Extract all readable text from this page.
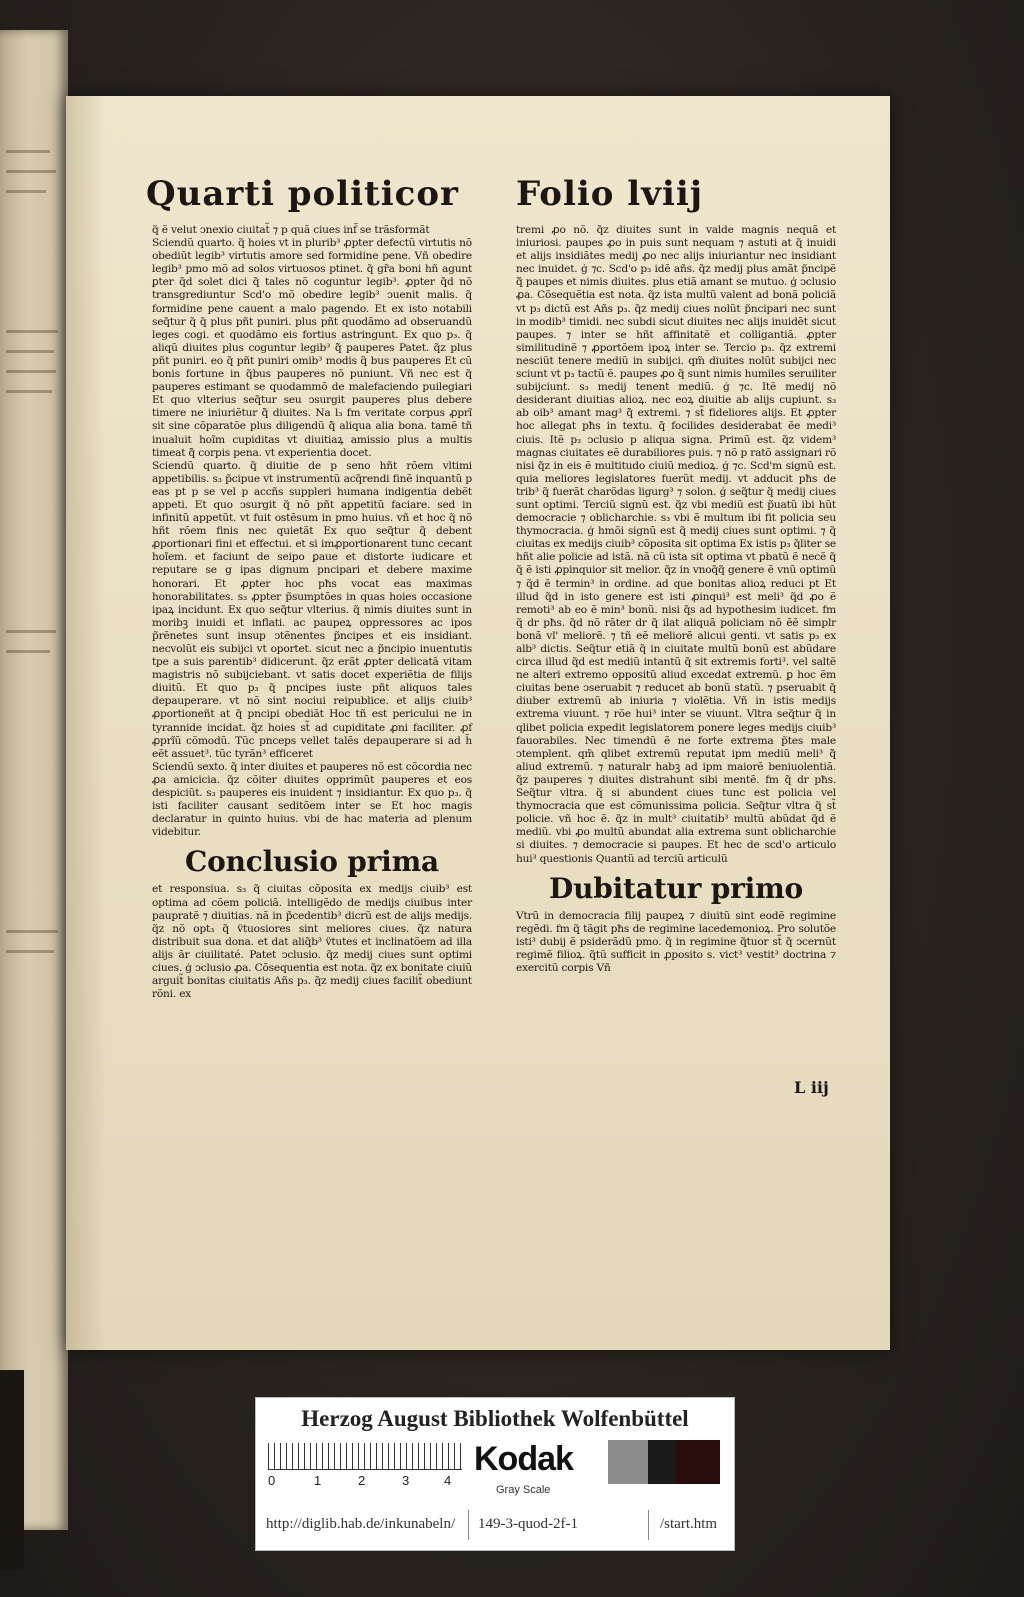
Quarti politicor Folio lviij

q̃ ẽ velut ↄnexio ciuitat̃ ⁊ p quã ciues inf̃ se trãsformãt

Sciendũ quarto. q̃ hoies vt in plurib³ ꝓpter defectũ virtutis nõ obediũt legib³ virtutis amore sed formidine pene. Vñ obedire legib³ pmo mõ ad solos virtuosos ptinet. q̃ gr̃a boni hñ agunt ꝑter q̃d solet dici q̃ tales nõ coguntur legib³. ꝓpter q̃d nõ transgrediuntur Scd'o mõ obedire legib³ ↄuenit malis. q̃ formidine pene cauent a malo pagendo. Et ex isto notabili seq̃tur q̃ q̃ plus pñt puniri. plus pñt quodãmo ad obseruandũ leges cogi. et quodãmo eis fortius astringunt. Ex quo p₃. q̃ aliqũ diuites plus coguntur legib³ q̃̃ pauperes Patet. q̃z plus pñt puniri. eo q̃ pñt puniri omib³ modis q̃ bus pauperes Et cũ bonis fortune in q̃bus pauperes nõ puniunt. Vñ nec est q̃ pauperes estimant se quodammõ de malefaciendo puilegiari Et quo vlterius seq̃tur seu ↄsurgit pauperes plus debere timere ne iniuriẽtur q̃̃ diuites. Na l₃ fm veritate corpus ꝓprĩ sit sine cõparatõe plus diligendũ q̃̃ aliqua alia bona. tamẽ tñ inualuit hoĩm cupiditas vt diuitiaꝝ amissio plus a multis timeat q̃̃ corpis pena. vt experientia docet.

Sciendũ quarto. q̃ diuitie de p seno hñt rõem vltimi appetibilis. s₃ p̃cipue vt instrumentũ acq̃rendi finẽ inquantũ p eas pt p se vel p accñs suppleri humana indigentia debẽt appeti. Et quo ↄsurgit q̃ nõ pñt appetitũ faciare. sed in infinitũ appetũt. vt fuit ostẽsum in pmo huius. vñ et hoc q̃ nõ hñt rõem finis nec quietãt Ex quo seq̃tur q̃ debent ꝓportionari fini et effectui. et si imꝓportionarent tunc cecant hoĩem. et faciunt de seipo ꝑaue et distorte iudicare et reputare se g ipas dignum pncipari et debere maxime honorari. Et ꝓpter hoc pħs vocat eas maximas honorabilitates. s₃ ꝓpter p̃sumptões in quas hoies occasione ipaꝝ incidunt. Ex quo seq̃tur vlterius. q̃ nimis diuites sunt in moribꝫ inuidi et inflati. ac paupeꝝ oppressores ac ipos p̃rẽnetes sunt insup ↄtẽnentes p̃ncipes et eis insidiant. necvolũt eis subijci vt oportet. sicut nec a p̃ncipio inuentutis tpe a suis parentib³ didicerunt. q̃z erãt ꝓpter delicatã vitam magistris nõ subijciebant. vt satis docet experiẽtia de filijs diuitũ. Et quo p₃ q̃ pncipes iuste pñt aliquos tales depauperare. vt nõ sint nociui reipublice. et alijs ciuib³ ꝓportioneñt at q̃ pncipi obediãt Hoc tñ est pericului ne in tyrannide incidat. q̃z hoies st̃ ad cupiditate ꝓni faciliter. ꝓf ꝓprĩũ cõmodũ. Tũc pnceps vellet talẽs depauperare si ad h̃ eẽt assuet³. tũc tyrãn³ efficeret

Sciendũ sexto. q̃ inter diuites et pauperes nõ est cõcordia nec ꝓa amicicia. q̃z cõiter diuites opprimũt pauperes et eos despiciũt. s₃ pauperes eis inuident ⁊ insidiantur. Ex quo p₃. q̃ isti faciliter causant seditõem inter se Et hoc magis declaratur in quinto huius. vbi de hac materia ad plenum videbitur.

Conclusio prima

et responsiua. s₃ q̃ ciuitas cõposita ex medijs ciuib³ est optima ad cõem policiã. intelligẽdo de medijs ciuibus inter paupratẽ ⁊ diuitias. nã in p̃cedentib³ dicrũ est de alijs medijs. q̃z nõ opt₃ q̃ v̈tuosiores sint meliores ciues. q̃z natura distribuit sua dona. et dat aliq̃b³ v̈tutes et inclinatõem ad illa alijs ãr ciuilitaté. Patet ↄclusio. q̃z medij ciues sunt optimi ciues. ģ ↄclusio ꝓa. Cõsequentia est nota. q̃z ex bonitate ciuiũ arguit̃ bonitas ciuitatis Añs p₃. q̃z medij ciues facilit̃ obediunt rõni. ex

tremi ꝓo nõ. q̃z diuites sunt in valde magnis nequã et iniuriosi. paupes ꝓo in puis sunt nequam ⁊ astuti at q̃ inuidi et alijs insidiãtes medij ꝓo nec alijs iniuriantur nec insidiant nec inuidet. ģ ⁊c. Scd'o p₃ idẽ añs. q̃z medij plus amãt p̃ncipẽ q̃̃ paupes et nimis diuites. plus etiã amant se mutuo. ģ ↄclusio ꝓa. Cõsequẽtia est nota. q̃z ista multũ valent ad bonã policiã vt p₃ dictũ est Añs p₃. q̃z medij ciues nolũt p̃ncipari nec sunt in modib³ timidi. nec subdi sicut diuites nec alijs inuidẽt sicut paupes. ⁊ inter se hñt affinitatẽ et colligantiã. ꝓpter similitudinẽ ⁊ ꝓportõem ipoꝝ inter se. Tercio p₃. q̃z extremi nesciũt tenere mediũ in subijci. qm̃ diuites nolũt subijci nec sciunt vt p₃ tactũ ẽ. paupes ꝓo q̃ sunt nimis humiles seruiliter subijciunt. s₃ medij tenent mediũ. ģ ⁊c. Itẽ medij nõ desiderant diuitias alioꝝ. nec eoꝝ diuitie ab alijs cupiunt. s₃ ab oib³ amant mag³ q̃̃ extremi. ⁊ st̃ fideliores alijs. Et ꝓpter hoc allegat pħs in textu. q̃ focilides desiderabat ẽe medi³ ciuis. Itẽ p₃ ↄclusio p aliqua signa. Primũ est. q̃z videm³ magnas ciuitates eẽ durabiliores puis. ⁊ nõ p ratõ assignari rõ nisi q̃z in eis ẽ multitudo ciuiũ medioꝝ. ģ ⁊c. Scd'm signũ est. quia meliores legislatores fuerũt medij. vt adducit pħs de trib³ q̃ fuerãt charõdas ligurg³ ⁊ solon. ģ seq̃tur q̃ medij ciues sunt optimi. Terciũ signũ est. q̃z vbi mediũ est p̃uatũ ibi hũt democracie ⁊ oblicharchie. s₃ vbi ẽ multum ibi fit policia seu thymocracia. ģ hmõi signũ est q̃ medij ciues sunt optimi. ⁊ q̃ ciuitas ex medijs ciuib³ cõposita sit optima Ex istis p₃ q̃liter se hñt alie policie ad istã. nã cũ ista sit optima vt pbatũ ẽ necẽ q̃ q̃ ẽ isti ꝓpinquior sit melior. q̃z in vnoq̃q̃ genere ẽ vnũ optimũ ⁊ q̃d ẽ termin³ in ordine. ad que bonitas alioꝝ reduci pt Et illud q̃d in isto genere est isti ꝓinqui³ est meli³ q̃d ꝓo ẽ remoti³ ab eo ẽ min³ bonũ. nisi q̃s ad hypothesim iudicet. fm q̃ dr pħs. q̃d nõ rãter dr q̃ ilat aliquã policiam nõ ẽẽ simplr bonã vl' meliorẽ. ⁊ tñ eẽ meliorẽ alicui genti. vt satis p₃ ex alb³ dictis. Seq̃tur etiã q̃ in ciuitate multũ bonũ est abũdare circa illud q̃d est mediũ intantũ q̃ sit extremis forti³. vel saltẽ ne alteri extremo oppositũ aliud excedat extremũ. ꝑ hoc ẽm ciuitas bene ↄseruabit ⁊ reducet ab bonũ statũ. ⁊ pseruabit q̃ diuber extremũ ab iniuria ⁊ violẽtia. Vñ in istis medijs extrema viuunt. ⁊ rõe hui³ inter se viuunt. Vltra seq̃tur q̃ in qlibet policia expedit legislatorem ponere leges medijs ciuib³ fauorabiles. Nec timendũ ẽ ne forte extrema p̃tes male ↄtemplent. qm̃ qlibet extremũ reputat ipm mediũ meli³ q̃̃ aliud extremũ. ⁊ naturalr habꝫ ad ipm maiorẽ beniuolentiã. q̃z pauperes ⁊ diuites distrahunt sibi mentẽ. fm q̃ dr pħs. Seq̃tur vltra. q̃ si abundent ciues tunc est policia vel thymocracia que est cõmunissima policia. Seq̃tur vltra q̃ st̃ policie. vñ hoc ẽ. q̃z in mult³ ciuitatib³ multũ abũdat q̃d ẽ mediũ. vbi ꝓo multũ abundat alia extrema sunt oblicharchie si diuites. ⁊ democracie si paupes. Et hec de scd'o articulo hui³ questionis Quantũ ad terciũ articulũ

Dubitatur primo

Vtrũ in democracia filij paupeꝝ ⁊ diuitũ sint eodẽ regimine regẽdi. fm q̃ tãgit pħs de regimine lacedemonioꝝ. Pro solutõe isti³ dubij ẽ psiderãdũ pmo. q̃ in regimine q̃tuor st̃ q̃ ↄcernũt regimẽ filioꝝ. q̃tũ sufficit in ꝓposito s. vict³ vestit³ doctrina ⁊ exercitũ corpis Vñ

L iij
Herzog August Bibliothek Wolfenbüttel
0	1	2	3	4
Kodak
Gray Scale
http://diglib.hab.de/inkunabeln/ 149-3-quod-2f-1	/start.htm
